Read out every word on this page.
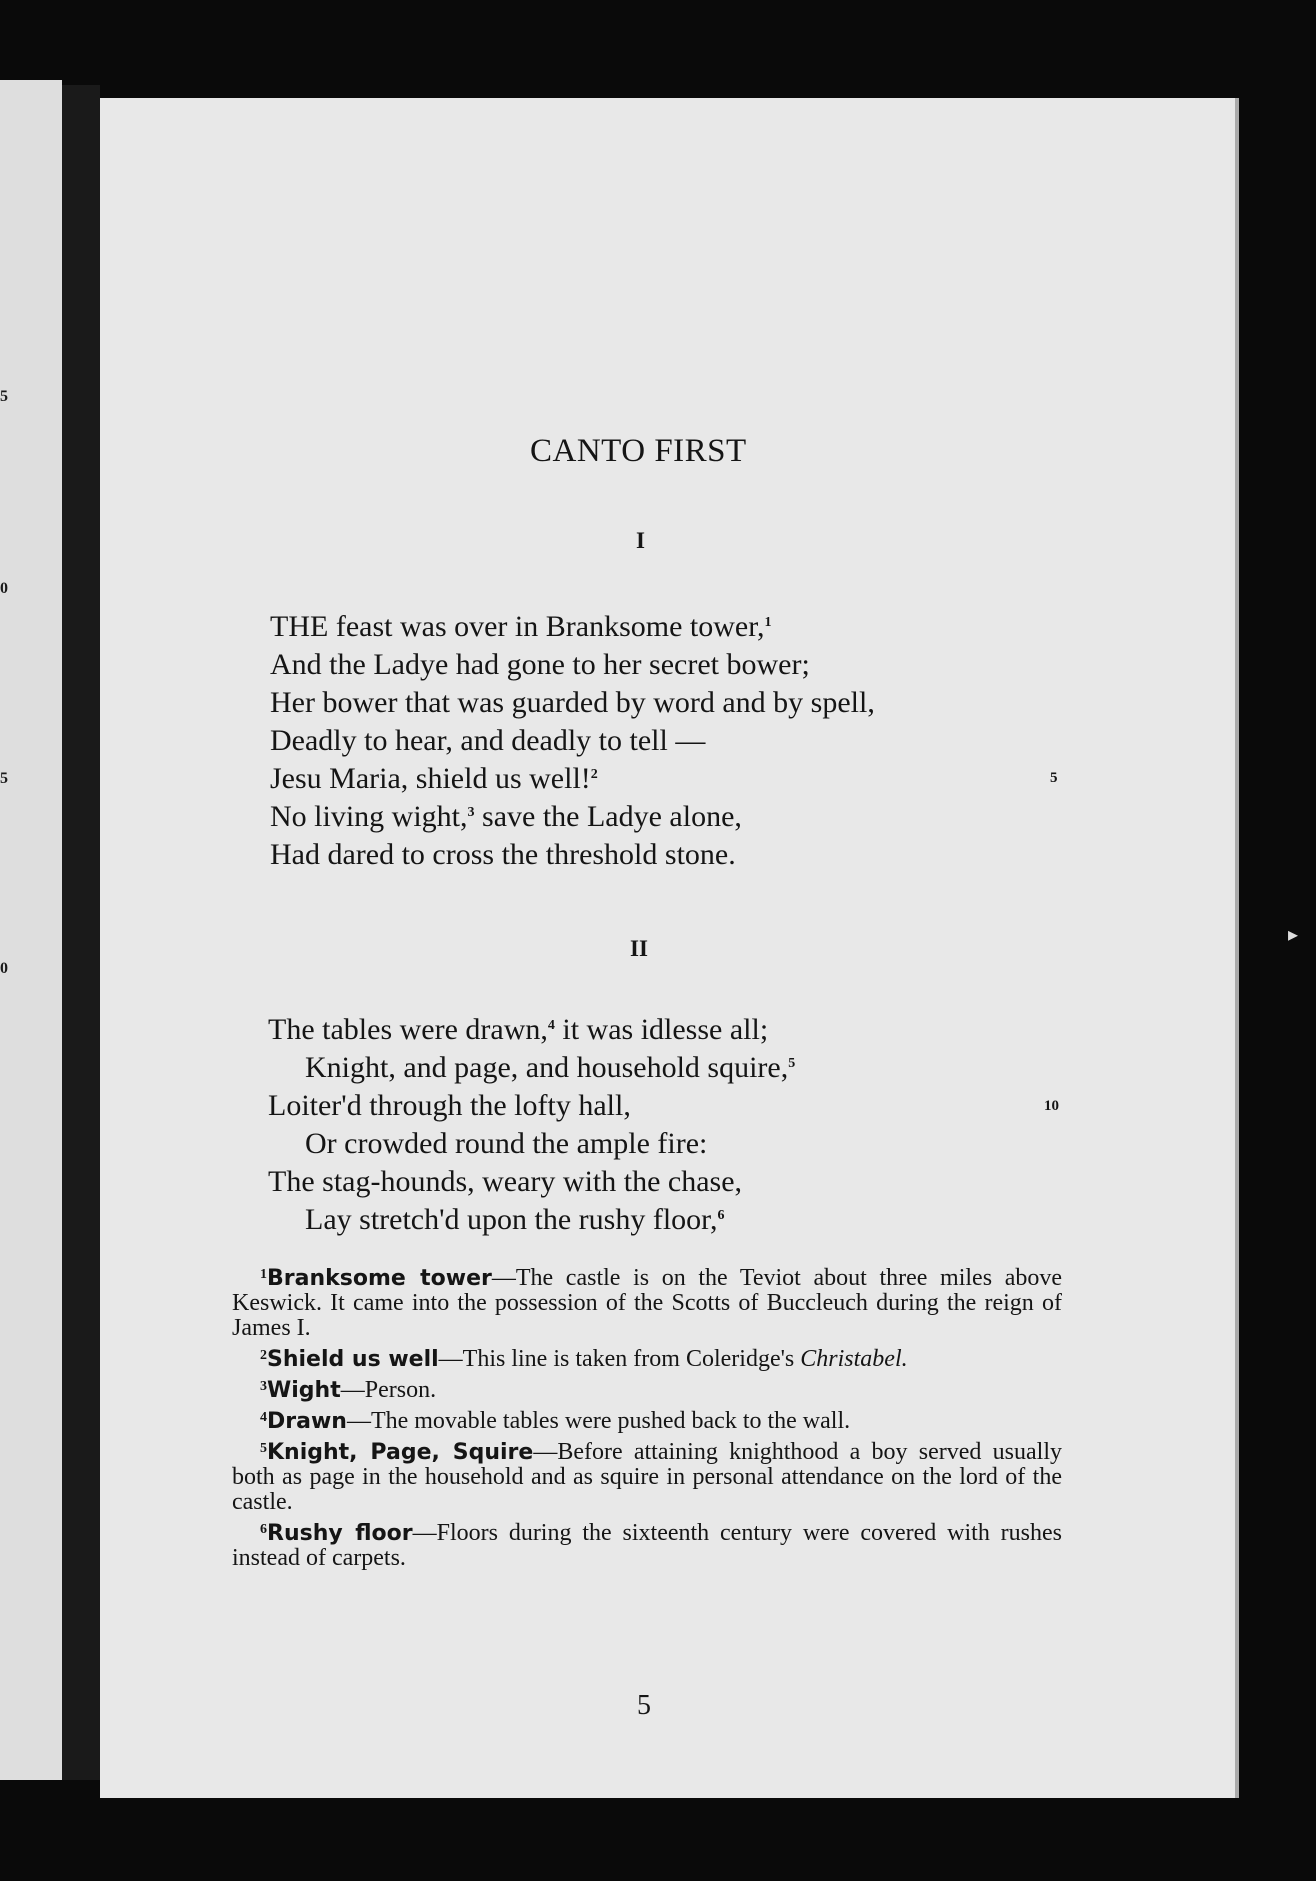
5
0
5
0
CANTO FIRST
I
THE feast was over in Branksome tower,$^1$
And the Ladye had gone to her secret bower;
Her bower that was guarded by word and by spell,
Deadly to hear, and deadly to tell —
Jesu Maria, shield us well!$^2$	5
No living wight,$^3$ save the Ladye alone,
Had dared to cross the threshold stone.
II
The tables were drawn,$^4$ it was idlesse all;
Knight, and page, and household squire,$^5$
Loiter'd through the lofty hall,	10
Or crowded round the ample fire:
The stag-hounds, weary with the chase,
Lay stretch'd upon the rushy floor,$^6$
$^1$Branksome tower—The castle is on the Teviot about three miles above Keswick. It came into the possession of the Scotts of Buccleuch during the reign of James I.
$^2$Shield us well—This line is taken from Coleridge's Christabel.
$^3$Wight—Person.
$^4$Drawn—The movable tables were pushed back to the wall.
$^5$Knight, Page, Squire—Before attaining knighthood a boy served usually both as page in the household and as squire in personal attendance on the lord of the castle.
$^6$Rushy floor—Floors during the sixteenth century were covered with rushes instead of carpets.
5
▸
